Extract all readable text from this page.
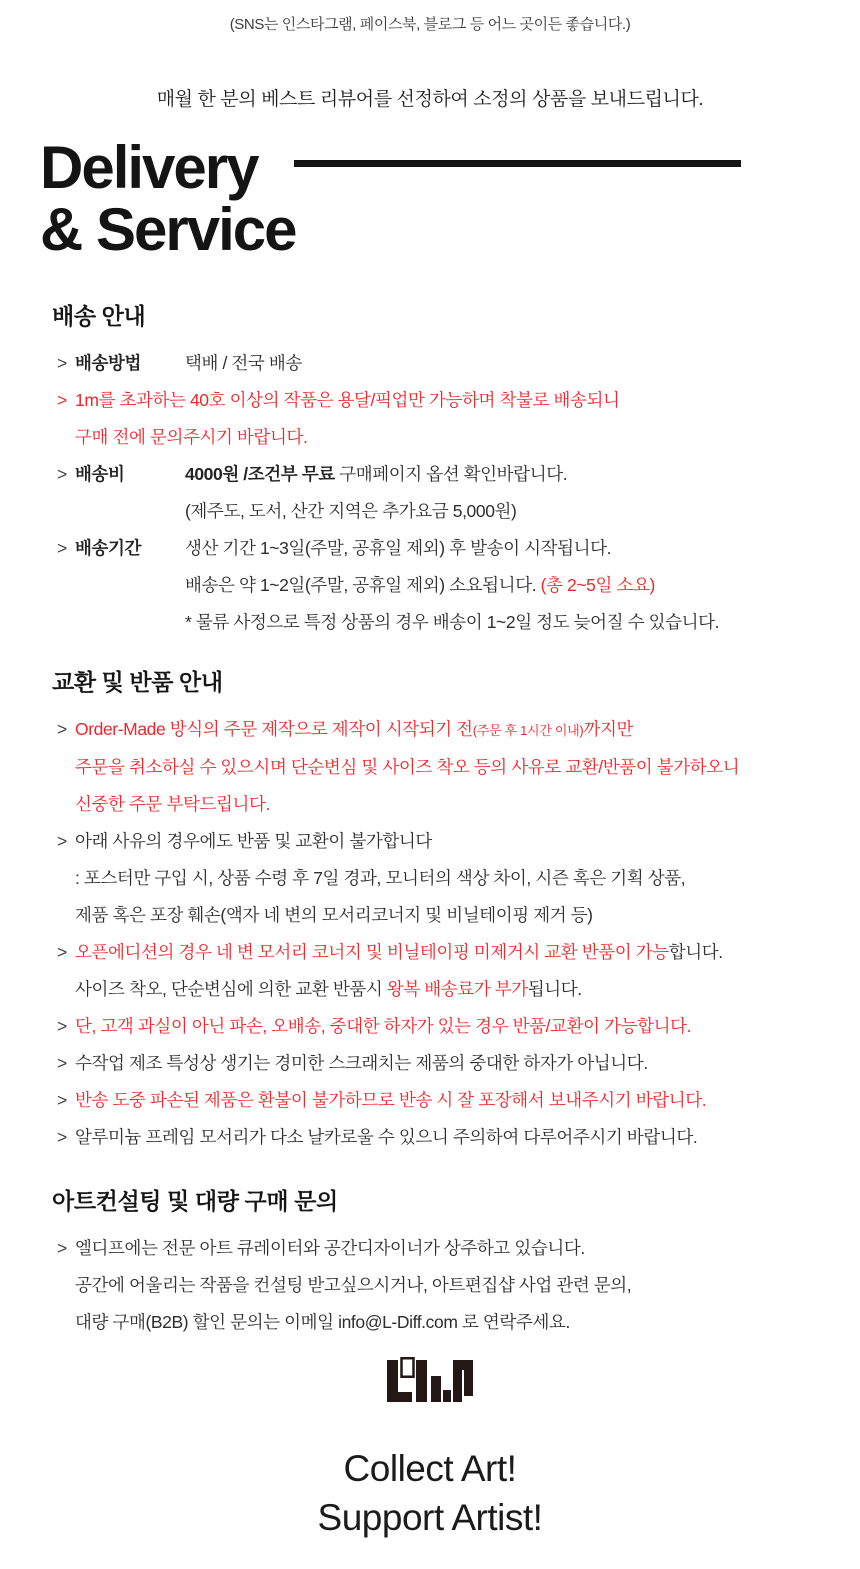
(SNS는 인스타그램, 페이스북, 블로그 등 어느 곳이든 좋습니다.)

매월 한 분의 베스트 리뷰어를 선정하여 소정의 상품을 보내드립니다.

Delivery
& Service
배송 안내
> 배송방법	택배 / 전국 배송

> 1m를 초과하는 40호 이상의 작품은 용달/픽업만 가능하며 착불로 배송되니

구매 전에 문의주시기 바랍니다.

> 배송비	4000원 /조건부 무료 구매페이지 옵션 확인바랍니다.

(제주도, 도서, 산간 지역은 추가요금 5,000원)

> 배송기간	생산 기간 1~3일(주말, 공휴일 제외) 후 발송이 시작됩니다.

배송은 약 1~2일(주말, 공휴일 제외) 소요됩니다. (총 2~5일 소요)

* 물류 사정으로 특정 상품의 경우 배송이 1~2일 정도 늦어질 수 있습니다.

교환 및 반품 안내
> Order-Made 방식의 주문 제작으로 제작이 시작되기 전(주문 후 1시간 이내)까지만

주문을 취소하실 수 있으시며 단순변심 및 사이즈 착오 등의 사유로 교환/반품이 불가하오니

신중한 주문 부탁드립니다.

> 아래 사유의 경우에도 반품 및 교환이 불가합니다

: 포스터만 구입 시, 상품 수령 후 7일 경과, 모니터의 색상 차이, 시즌 혹은 기획 상품,

제품 혹은 포장 훼손(액자 네 변의 모서리코너지 및 비닐테이핑 제거 등)

> 오픈에디션의 경우 네 변 모서리 코너지 및 비닐테이핑 미제거시 교환 반품이 가능합니다.

사이즈 착오, 단순변심에 의한 교환 반품시 왕복 배송료가 부가됩니다.

> 단, 고객 과실이 아닌 파손, 오배송, 중대한 하자가 있는 경우 반품/교환이 가능합니다.

> 수작업 제조 특성상 생기는 경미한 스크래치는 제품의 중대한 하자가 아닙니다.

> 반송 도중 파손된 제품은 환불이 불가하므로 반송 시 잘 포장해서 보내주시기 바랍니다.

> 알루미늄 프레임 모서리가 다소 날카로울 수 있으니 주의하여 다루어주시기 바랍니다.

아트컨설팅 및 대량 구매 문의
> 엘디프에는 전문 아트 큐레이터와 공간디자이너가 상주하고 있습니다.

공간에 어울리는 작품을 컨설팅 받고싶으시거나, 아트편집샵 사업 관련 문의,

대량 구매(B2B) 할인 문의는 이메일 info@L-Diff.com 로 연락주세요.

Collect Art!
Support Artist!
